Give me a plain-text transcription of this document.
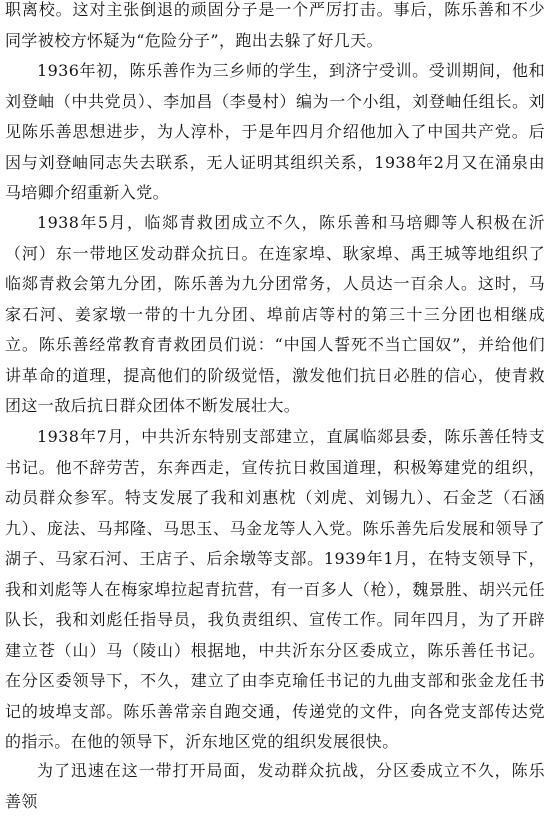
职离校。这对主张倒退的顽固分子是一个严厉打击。事后，陈乐善和不少同学被校方怀疑为“危险分子”，跑出去躲了好几天。

1936年初，陈乐善作为三乡师的学生，到济宁受训。受训期间，他和刘登岫（中共党员）、李加昌（李曼村）编为一个小组，刘登岫任组长。刘见陈乐善思想进步，为人淳朴，于是年四月介绍他加入了中国共产党。后因与刘登岫同志失去联系，无人证明其组织关系，1938年2月又在涌泉由马培卿介绍重新入党。

1938年5月，临郯青救团成立不久，陈乐善和马培卿等人积极在沂（河）东一带地区发动群众抗日。在连家埠、耿家埠、禹王城等地组织了临郯青救会第九分团，陈乐善为九分团常务，人员达一百余人。这时，马家石河、姜家墩一带的十九分团、埠前店等村的第三十三分团也相继成立。陈乐善经常教育青救团员们说：“中国人誓死不当亡国奴”，并给他们讲革命的道理，提高他们的阶级觉悟，激发他们抗日必胜的信心，使青救团这一敌后抗日群众团体不断发展壮大。

1938年7月，中共沂东特别支部建立，直属临郯县委，陈乐善任特支书记。他不辞劳苦，东奔西走，宣传抗日救国道理，积极筹建党的组织，动员群众参军。特支发展了我和刘惠枕（刘虎、刘锡九）、石金芝（石涵九）、庞法、马邦隆、马思玉、马金龙等人入党。陈乐善先后发展和领导了湖子、马家石河、王店子、后余墩等支部。1939年1月，在特支领导下，我和刘彪等人在梅家埠拉起青抗营，有一百多人（枪），魏景胜、胡兴元任队长，我和刘彪任指导员，我负责组织、宣传工作。同年四月，为了开辟建立苍（山）马（陵山）根据地，中共沂东分区委成立，陈乐善任书记。在分区委领导下，不久，建立了由李克瑜任书记的九曲支部和张金龙任书记的坡埠支部。陈乐善常亲自跑交通，传递党的文件，向各党支部传达党的指示。在他的领导下，沂东地区党的组织发展很快。

为了迅速在这一带打开局面，发动群众抗战，分区委成立不久，陈乐善领
